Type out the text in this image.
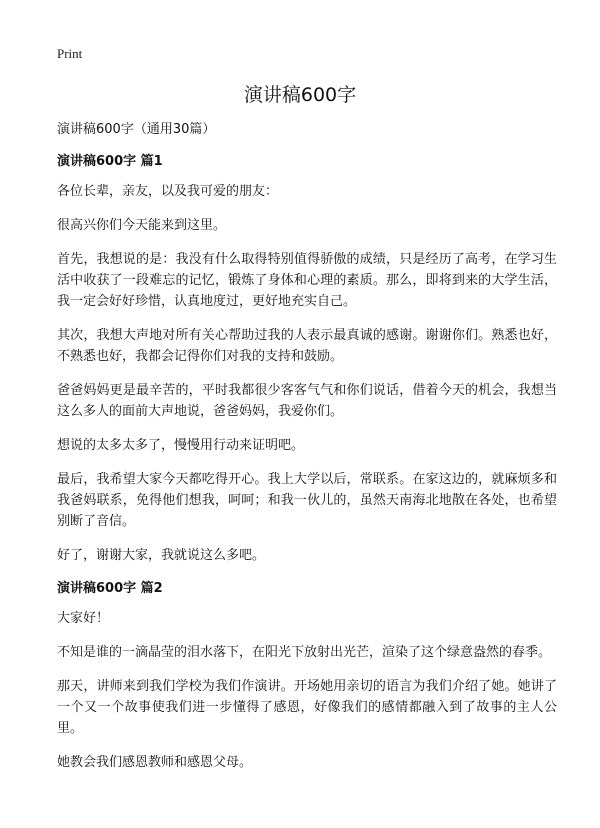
Print
演讲稿600字

演讲稿600字（通用30篇）

演讲稿600字 篇1

各位长辈，亲友，以及我可爱的朋友：

很高兴你们今天能来到这里。

首先，我想说的是：我没有什么取得特别值得骄傲的成绩，只是经历了高考，在学习生活中收获了一段难忘的记忆，锻炼了身体和心理的素质。那么，即将到来的大学生活，我一定会好好珍惜，认真地度过，更好地充实自己。

其次，我想大声地对所有关心帮助过我的人表示最真诚的感谢。谢谢你们。熟悉也好，不熟悉也好，我都会记得你们对我的支持和鼓励。

爸爸妈妈更是最辛苦的，平时我都很少客客气气和你们说话，借着今天的机会，我想当这么多人的面前大声地说，爸爸妈妈，我爱你们。

想说的太多太多了，慢慢用行动来证明吧。

最后，我希望大家今天都吃得开心。我上大学以后，常联系。在家这边的，就麻烦多和我爸妈联系，免得他们想我，呵呵；和我一伙儿的，虽然天南海北地散在各处，也希望别断了音信。

好了，谢谢大家，我就说这么多吧。

演讲稿600字 篇2

大家好！

不知是谁的一滴晶莹的泪水落下，在阳光下放射出光芒，渲染了这个绿意盎然的春季。

那天，讲师来到我们学校为我们作演讲。开场她用亲切的语言为我们介绍了她。她讲了一个又一个故事使我们进一步懂得了感恩，好像我们的感情都融入到了故事的主人公里。

她教会我们感恩教师和感恩父母。
